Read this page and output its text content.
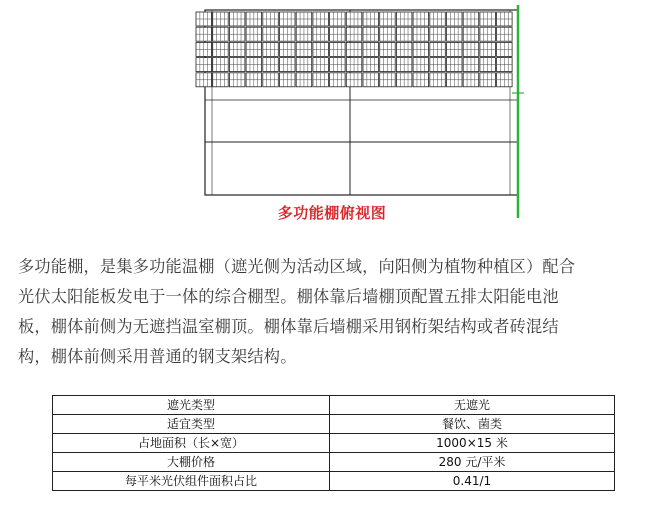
多功能棚俯视图
多功能棚，是集多功能温棚（遮光侧为活动区域，向阳侧为植物种植区）配合
光伏太阳能板发电于一体的综合棚型。棚体靠后墙棚顶配置五排太阳能电池
板，棚体前侧为无遮挡温室棚顶。棚体靠后墙棚采用钢桁架结构或者砖混结
构，棚体前侧采用普通的钢支架结构。
遮光类型	无遮光
适宜类型	餐饮、菌类
占地面积（长×宽）	1000×15 米
大棚价格	280 元/平米
每平米光伏组件面积占比	0.41/1
